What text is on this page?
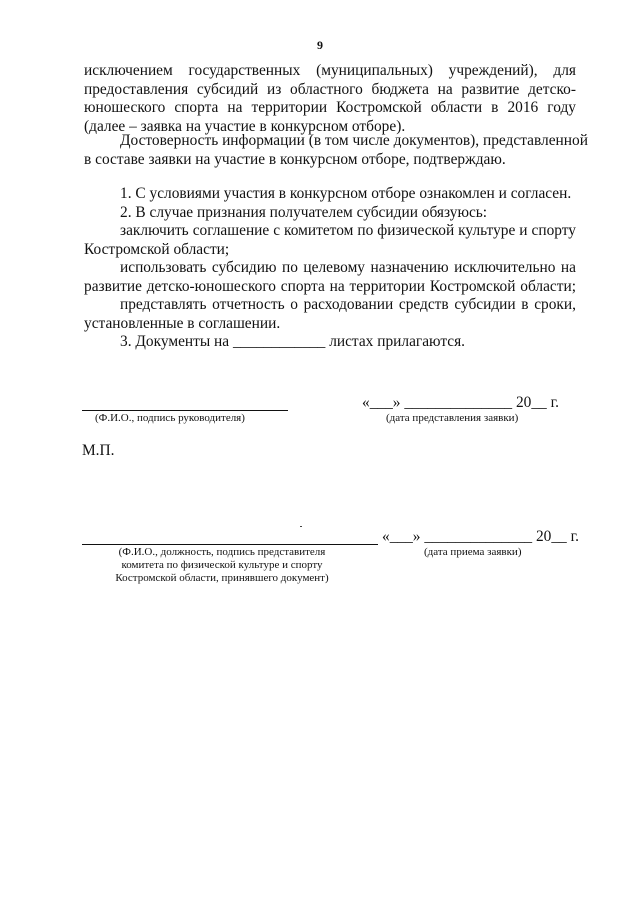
9
исключением государственных (муниципальных) учреждений), для
предоставления субсидий из областного бюджета на развитие детско-
юношеского спорта на территории Костромской области в 2016 году
(далее – заявка на участие в конкурсном отборе).
Достоверность информации (в том числе документов), представленной
в составе заявки на участие в конкурсном отборе, подтверждаю.
1. С условиями участия в конкурсном отборе ознакомлен и согласен.
2. В случае признания получателем субсидии обязуюсь:
заключить соглашение с комитетом по физической культуре и спорту
Костромской области;
использовать субсидию по целевому назначению исключительно на
развитие детско-юношеского спорта на территории Костромской области;
представлять отчетность о расходовании средств субсидии в сроки,
установленные в соглашении.
3. Документы на ____________ листах прилагаются.
(Ф.И.О., подпись руководителя)
«___» ______________ 20__ г.
(дата представления заявки)
М.П.
(Ф.И.О., должность, подпись представителя
комитета по физической культуре и спорту
Костромской области, принявшего документ)
«___» ______________ 20__ г.
(дата приема заявки)
